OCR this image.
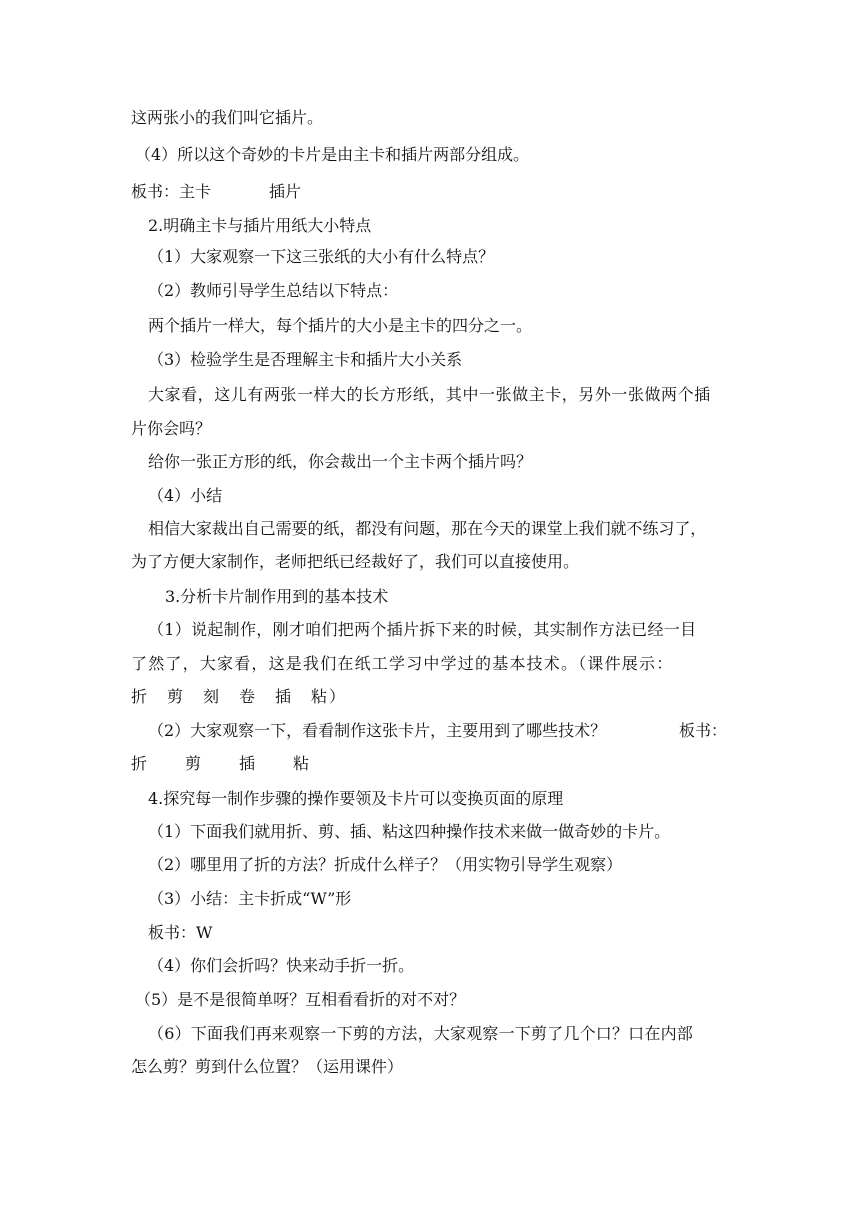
这两张小的我们叫它插片。
（4）所以这个奇妙的卡片是由主卡和插片两部分组成。
板书：主卡	插片
2.明确主卡与插片用纸大小特点
（1）大家观察一下这三张纸的大小有什么特点？
（2）教师引导学生总结以下特点：
两个插片一样大，每个插片的大小是主卡的四分之一。
（3）检验学生是否理解主卡和插片大小关系
大家看，这儿有两张一样大的长方形纸，其中一张做主卡，另外一张做两个插
片你会吗？
给你一张正方形的纸，你会裁出一个主卡两个插片吗？
（4）小结
相信大家裁出自己需要的纸，都没有问题，那在今天的课堂上我们就不练习了，
为了方便大家制作，老师把纸已经裁好了，我们可以直接使用。
3.分析卡片制作用到的基本技术
（1）说起制作，刚才咱们把两个插片拆下来的时候，其实制作方法已经一目
了然了，大家看，这是我们在纸工学习中学过的基本技术。（课件展示：
折　剪　刻　卷　插　粘）
（2）大家观察一下，看看制作这张卡片，主要用到了哪些技术？	板书：
折 剪 插 粘
4.探究每一制作步骤的操作要领及卡片可以变换页面的原理
（1）下面我们就用折、剪、插、粘这四种操作技术来做一做奇妙的卡片。
（2）哪里用了折的方法？折成什么样子？（用实物引导学生观察）
（3）小结：主卡折成“W”形
板书：W
（4）你们会折吗？快来动手折一折。
（5）是不是很简单呀？互相看看折的对不对？
（6）下面我们再来观察一下剪的方法，大家观察一下剪了几个口？口在内部
怎么剪？剪到什么位置？（运用课件）
